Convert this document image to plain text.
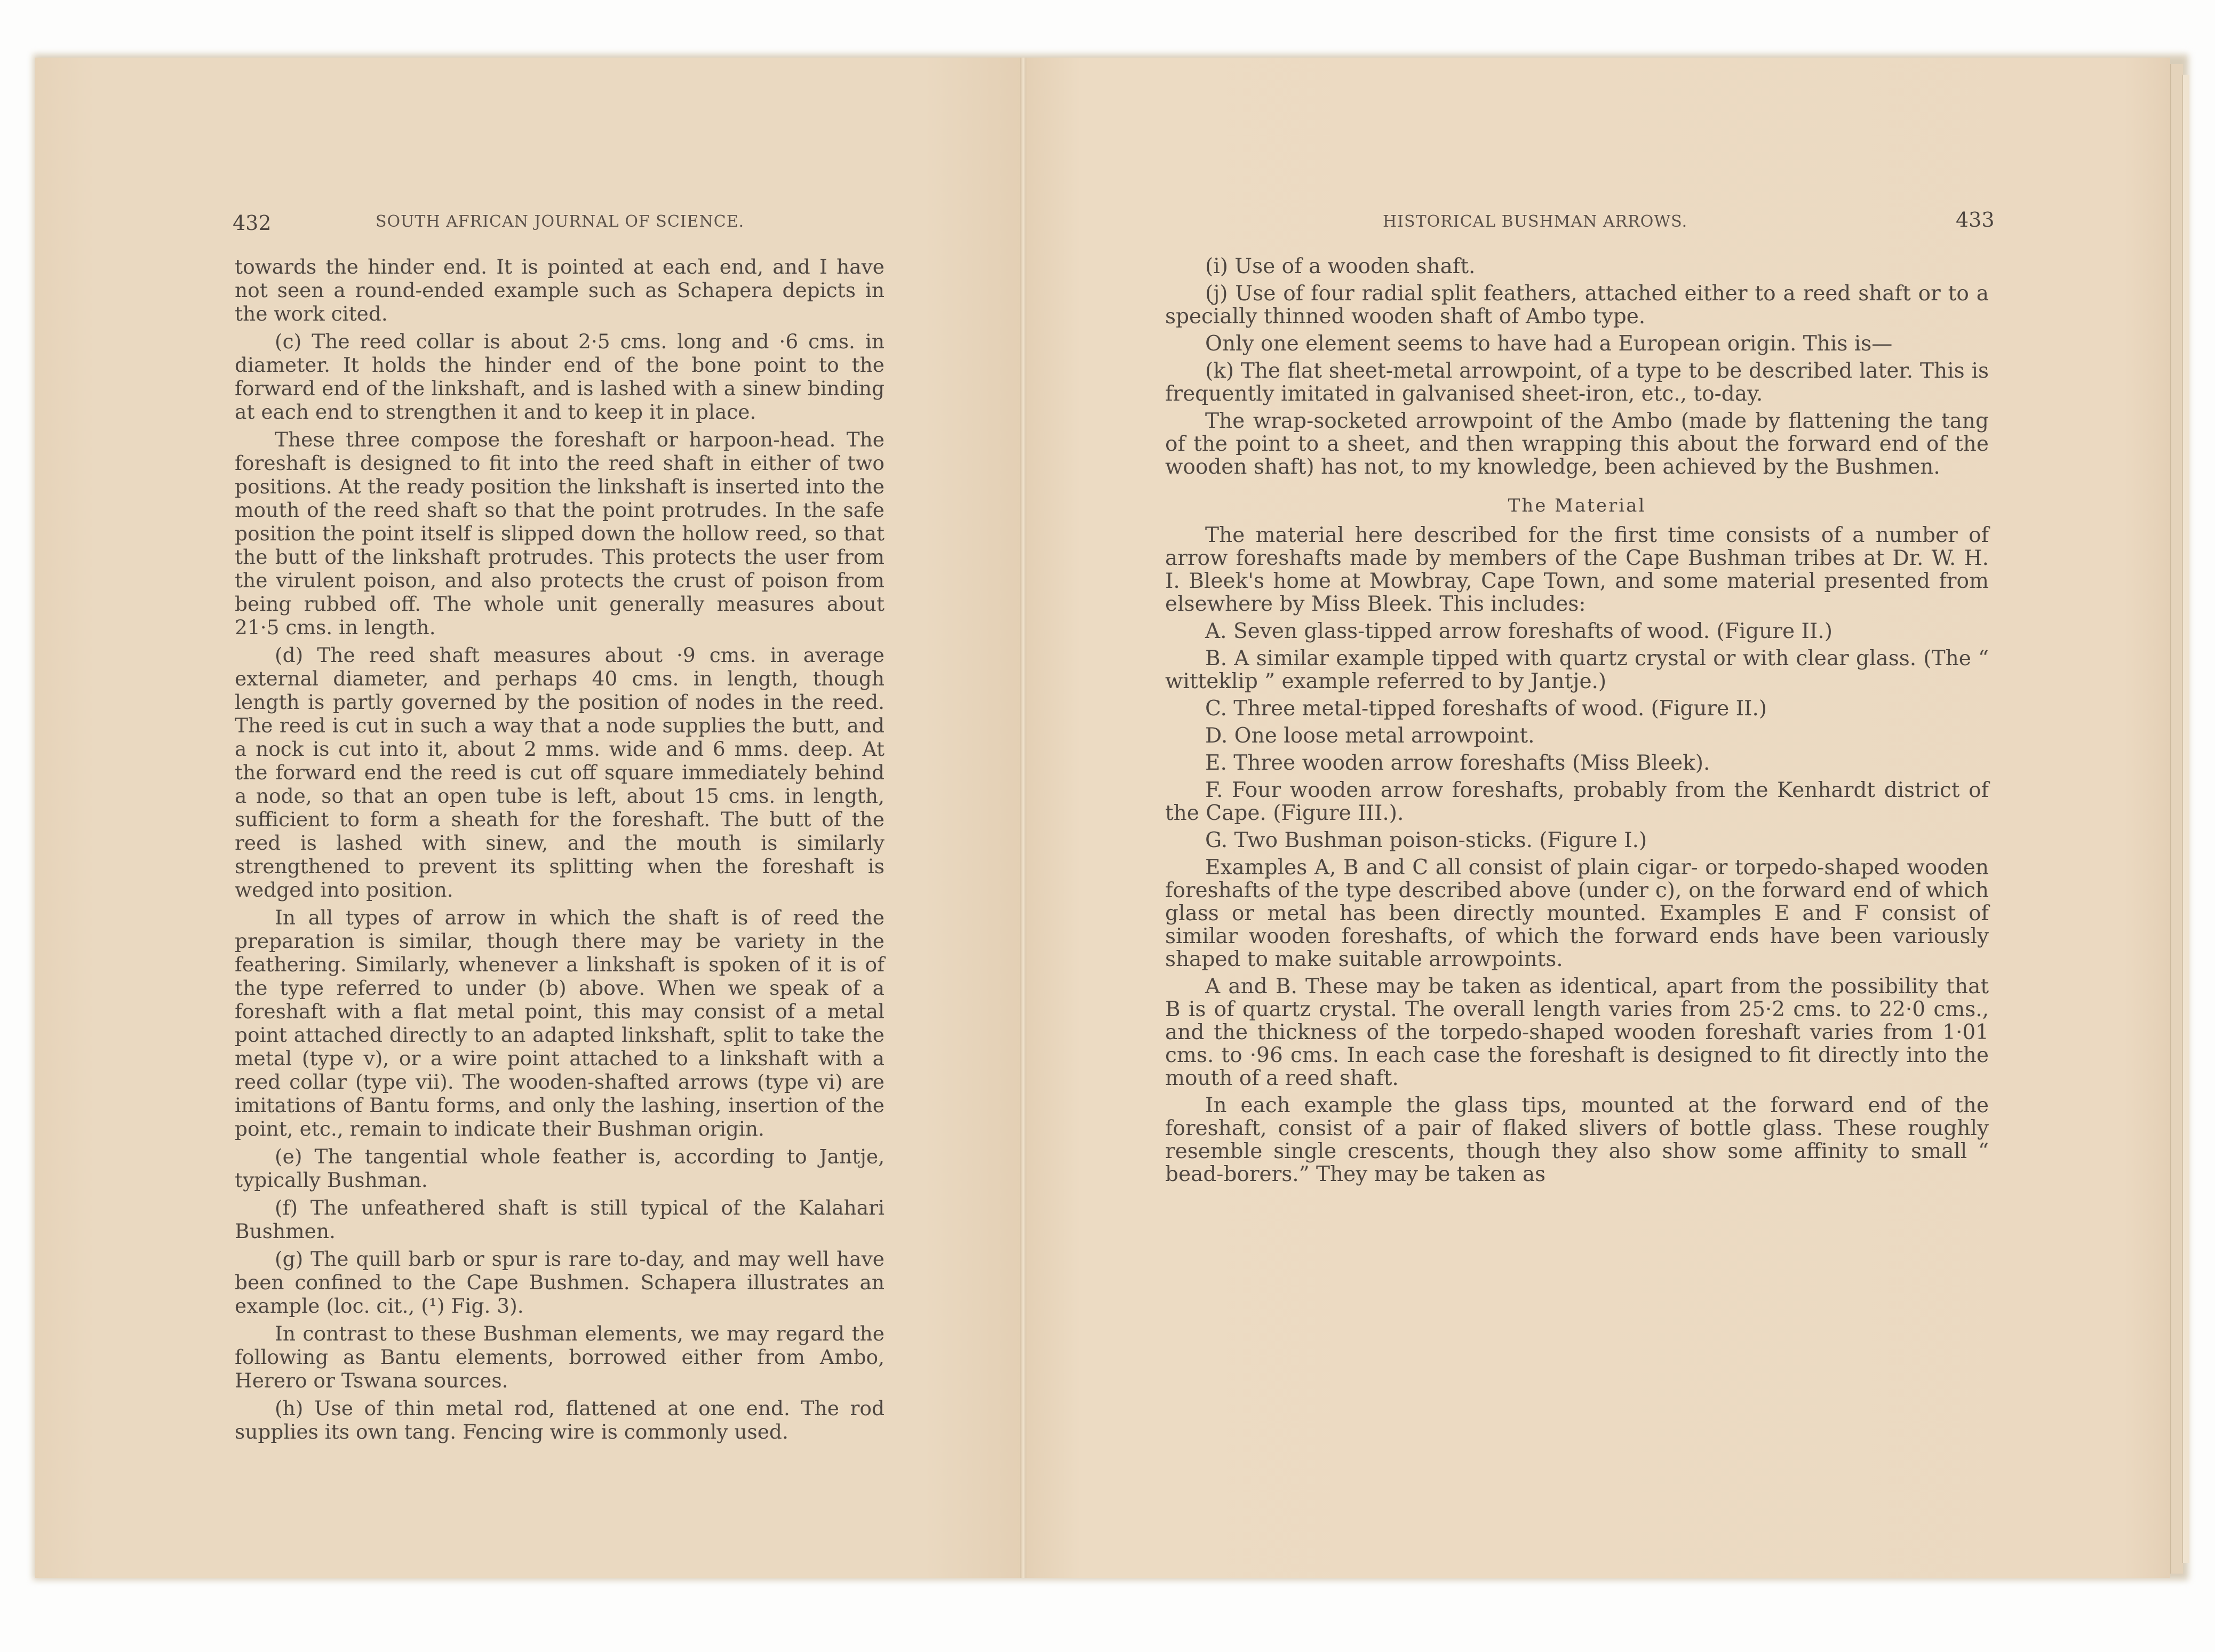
432	SOUTH AFRICAN JOURNAL OF SCIENCE.	HISTORICAL BUSHMAN ARROWS.	433

towards the hinder end. It is pointed at each end, and I have not seen a round-ended example such as Schapera depicts in the work cited.

(c) The reed collar is about 2·5 cms. long and ·6 cms. in diameter. It holds the hinder end of the bone point to the forward end of the linkshaft, and is lashed with a sinew binding at each end to strengthen it and to keep it in place.

These three compose the foreshaft or harpoon-head. The foreshaft is designed to fit into the reed shaft in either of two positions. At the ready position the linkshaft is inserted into the mouth of the reed shaft so that the point protrudes. In the safe position the point itself is slipped down the hollow reed, so that the butt of the linkshaft protrudes. This protects the user from the virulent poison, and also protects the crust of poison from being rubbed off. The whole unit generally measures about 21·5 cms. in length.

(d) The reed shaft measures about ·9 cms. in average external diameter, and perhaps 40 cms. in length, though length is partly governed by the position of nodes in the reed. The reed is cut in such a way that a node supplies the butt, and a nock is cut into it, about 2 mms. wide and 6 mms. deep. At the forward end the reed is cut off square immediately behind a node, so that an open tube is left, about 15 cms. in length, sufficient to form a sheath for the foreshaft. The butt of the reed is lashed with sinew, and the mouth is similarly strengthened to prevent its splitting when the foreshaft is wedged into position.

In all types of arrow in which the shaft is of reed the preparation is similar, though there may be variety in the feathering. Similarly, whenever a linkshaft is spoken of it is of the type referred to under (b) above. When we speak of a foreshaft with a flat metal point, this may consist of a metal point attached directly to an adapted linkshaft, split to take the metal (type v), or a wire point attached to a linkshaft with a reed collar (type vii). The wooden-shafted arrows (type vi) are imitations of Bantu forms, and only the lashing, insertion of the point, etc., remain to indicate their Bushman origin.

(e) The tangential whole feather is, according to Jantje, typically Bushman.

(f) The unfeathered shaft is still typical of the Kalahari Bushmen.

(g) The quill barb or spur is rare to-day, and may well have been confined to the Cape Bushmen. Schapera illustrates an example (loc. cit., (¹) Fig. 3).

In contrast to these Bushman elements, we may regard the following as Bantu elements, borrowed either from Ambo, Herero or Tswana sources.

(h) Use of thin metal rod, flattened at one end. The rod supplies its own tang. Fencing wire is commonly used.

(i) Use of a wooden shaft.

(j) Use of four radial split feathers, attached either to a reed shaft or to a specially thinned wooden shaft of Ambo type.

Only one element seems to have had a European origin. This is—

(k) The flat sheet-metal arrowpoint, of a type to be described later. This is frequently imitated in galvanised sheet-iron, etc., to-day.

The wrap-socketed arrowpoint of the Ambo (made by flattening the tang of the point to a sheet, and then wrapping this about the forward end of the wooden shaft) has not, to my knowledge, been achieved by the Bushmen.

The Material

The material here described for the first time consists of a number of arrow foreshafts made by members of the Cape Bushman tribes at Dr. W. H. I. Bleek's home at Mowbray, Cape Town, and some material presented from elsewhere by Miss Bleek. This includes:

A. Seven glass-tipped arrow foreshafts of wood. (Figure II.)

B. A similar example tipped with quartz crystal or with clear glass. (The “ witteklip ” example referred to by Jantje.)

C. Three metal-tipped foreshafts of wood. (Figure II.)

D. One loose metal arrowpoint.

E. Three wooden arrow foreshafts (Miss Bleek).

F. Four wooden arrow foreshafts, probably from the Kenhardt district of the Cape. (Figure III.).

G. Two Bushman poison-sticks. (Figure I.)

Examples A, B and C all consist of plain cigar- or torpedo-shaped wooden foreshafts of the type described above (under c), on the forward end of which glass or metal has been directly mounted. Examples E and F consist of similar wooden foreshafts, of which the forward ends have been variously shaped to make suitable arrowpoints.

A and B. These may be taken as identical, apart from the possibility that B is of quartz crystal. The overall length varies from 25·2 cms. to 22·0 cms., and the thickness of the torpedo-shaped wooden foreshaft varies from 1·01 cms. to ·96 cms. In each case the foreshaft is designed to fit directly into the mouth of a reed shaft.

In each example the glass tips, mounted at the forward end of the foreshaft, consist of a pair of flaked slivers of bottle glass. These roughly resemble single crescents, though they also show some affinity to small “ bead-borers.” They may be taken as
